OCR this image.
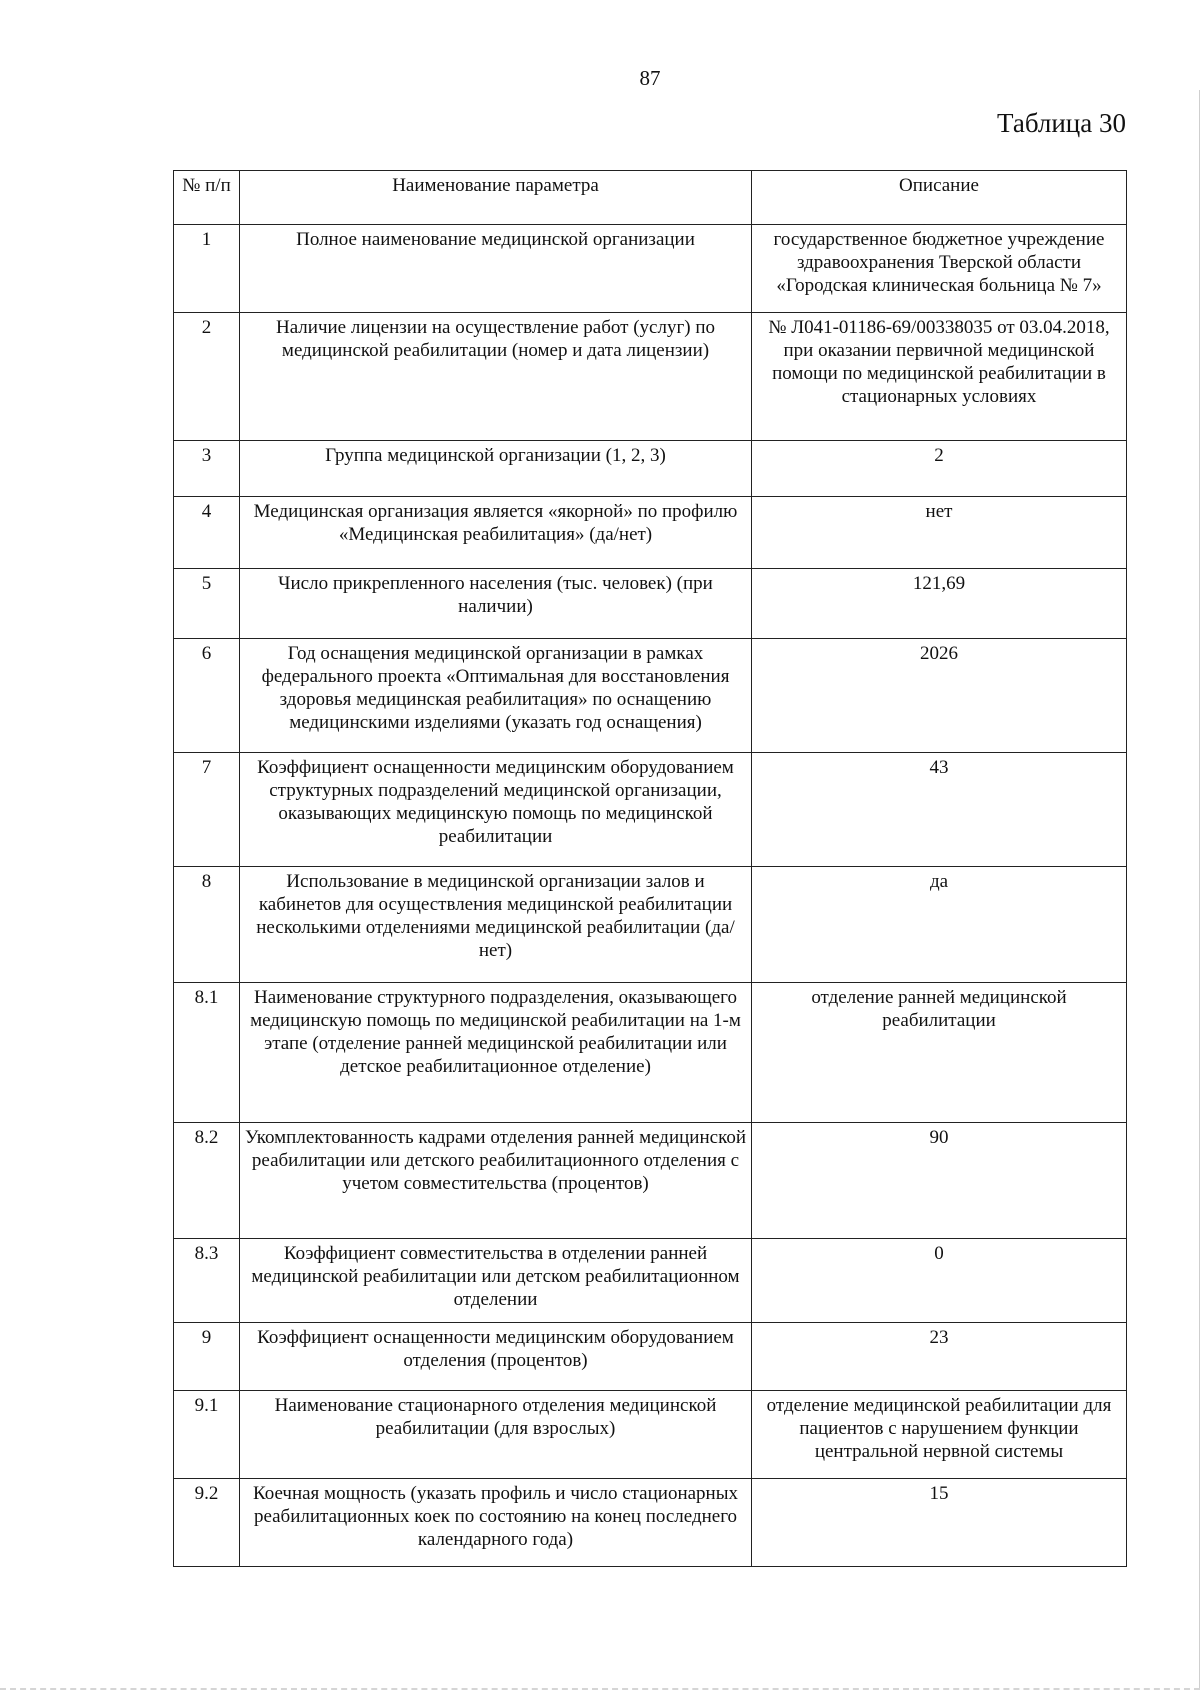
87
Таблица 30
№ п/п	Наименование параметра	Описание
1	Полное наименование медицинской организации	государственное бюджетное учреждение здравоохранения Тверской области «Городская клиническая больница № 7»
2	Наличие лицензии на осуществление работ (услуг) по медицинской реабилитации (номер и дата лицензии)	№ Л041-01186-69/00338035 от 03.04.2018, при оказании первичной медицинской помощи по медицинской реабилитации в стационарных условиях
3	Группа медицинской организации (1, 2, 3)	2
4	Медицинская организация является «якорной» по профилю «Медицинская реабилитация» (да/нет)	нет
5	Число прикрепленного населения (тыс. человек) (при наличии)	121,69
6	Год оснащения медицинской организации в рамках федерального проекта «Оптимальная для восстановления здоровья медицинская реабилитация» по оснащению медицинскими изделиями (указать год оснащения)	2026
7	Коэффициент оснащенности медицинским оборудованием структурных подразделений медицинской организации, оказывающих медицинскую помощь по медицинской реабилитации	43
8	Использование в медицинской организации залов и кабинетов для осуществления медицинской реабилитации несколькими отделениями медицинской реабилитации (да/нет)	да
8.1	Наименование структурного подразделения, оказывающего медицинскую помощь по медицинской реабилитации на 1-м этапе (отделение ранней медицинской реабилитации или детское реабилитационное отделение)	отделение ранней медицинской реабилитации
8.2	Укомплектованность кадрами отделения ранней медицинской реабилитации или детского реабилитационного отделения с учетом совместительства (процентов)	90
8.3	Коэффициент совместительства в отделении ранней медицинской реабилитации или детском реабилитационном отделении	0
9	Коэффициент оснащенности медицинским оборудованием отделения (процентов)	23
9.1	Наименование стационарного отделения медицинской реабилитации (для взрослых)	отделение медицинской реабилитации для пациентов с нарушением функции центральной нервной системы
9.2	Коечная мощность (указать профиль и число стационарных реабилитационных коек по состоянию на конец последнего календарного года)	15
